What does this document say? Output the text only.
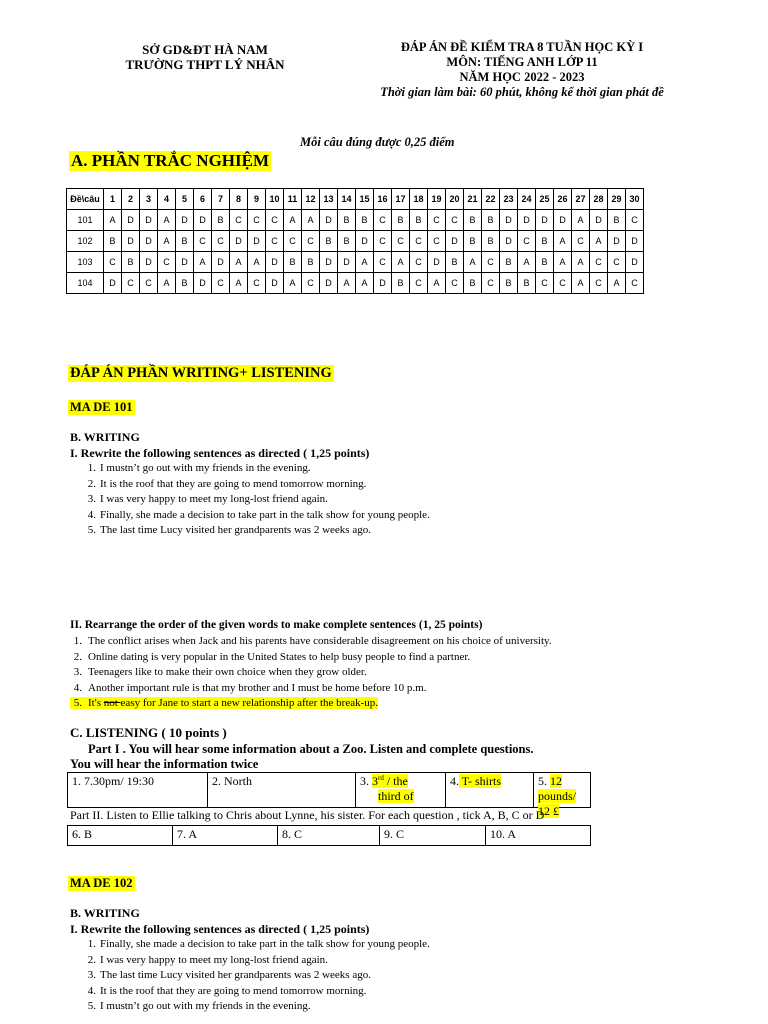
SỞ GD&ĐT HÀ NAM
TRƯỜNG THPT LÝ NHÂN
ĐÁP ÁN ĐỀ KIỂM TRA 8 TUẦN HỌC KỲ I
MÔN: TIẾNG ANH LỚP 11
NĂM HỌC 2022 - 2023
Thời gian làm bài: 60 phút, không kể thời gian phát đề
Mỗi câu đúng được 0,25 điểm
A. PHẦN TRẮC NGHIỆM
Đề\câu	1	2	3	4	5	6	7	8	9	10	11	12	13	14	15	16	17	18	19	20	21	22	23	24	25	26	27	28	29	30
101	A	D	D	A	D	D	B	C	C	C	A	A	D	B	B	C	B	B	C	C	B	B	D	D	D	D	A	D	B	C
102	B	D	D	A	B	C	C	D	D	C	C	C	B	B	D	C	C	C	C	D	B	B	D	C	B	A	C	A	D	D
103	C	B	D	C	D	A	D	A	A	D	B	B	D	D	A	C	A	C	D	B	A	C	B	A	B	A	A	C	C	D
104	D	C	C	A	B	D	C	A	C	D	A	C	D	A	A	D	B	C	A	C	B	C	B	B	C	C	A	C	A	C
ĐÁP ÁN PHẦN WRITING+ LISTENING
MA DE 101
B. WRITING
I. Rewrite the following sentences as directed ( 1,25 points)
1. I mustn’t go out with my friends in the evening.
2. It is the roof that they are going to mend tomorrow morning.
3. I was very happy to meet my long-lost friend again.
4. Finally, she made a decision to take part in the talk show for young people.
5. The last time Lucy visited her grandparents was 2 weeks ago.
II. Rearrange the order of the given words to make complete sentences (1, 25 points)
1. The conflict arises when Jack and his parents have considerable disagreement on his choice of university.
2. Online dating is very popular in the United States to help busy people to find a partner.
3. Teenagers like to make their own choice when they grow older.
4. Another important rule is that my brother and I must be home before 10 p.m.
5. It's not easy for Jane to start a new relationship after the break-up.
C. LISTENING ( 10 points )
Part I . You will hear some information about a Zoo. Listen and complete questions.
You will hear the information twice
1. 7.30pm/ 19:30	2. North	3. 3rd / the
third of
4. T- shirts	5. 12 pounds/ 12 £
Part II. Listen to Ellie talking to Chris about Lynne, his sister. For each question , tick A, B, C or D
6. B	7. A	8. C	9. C	10. A
MA DE 102
B. WRITING
I. Rewrite the following sentences as directed ( 1,25 points)
1. Finally, she made a decision to take part in the talk show for young people.
2. I was very happy to meet my long-lost friend again.
3. The last time Lucy visited her grandparents was 2 weeks ago.
4. It is the roof that they are going to mend tomorrow morning.
5. I mustn’t go out with my friends in the evening.
